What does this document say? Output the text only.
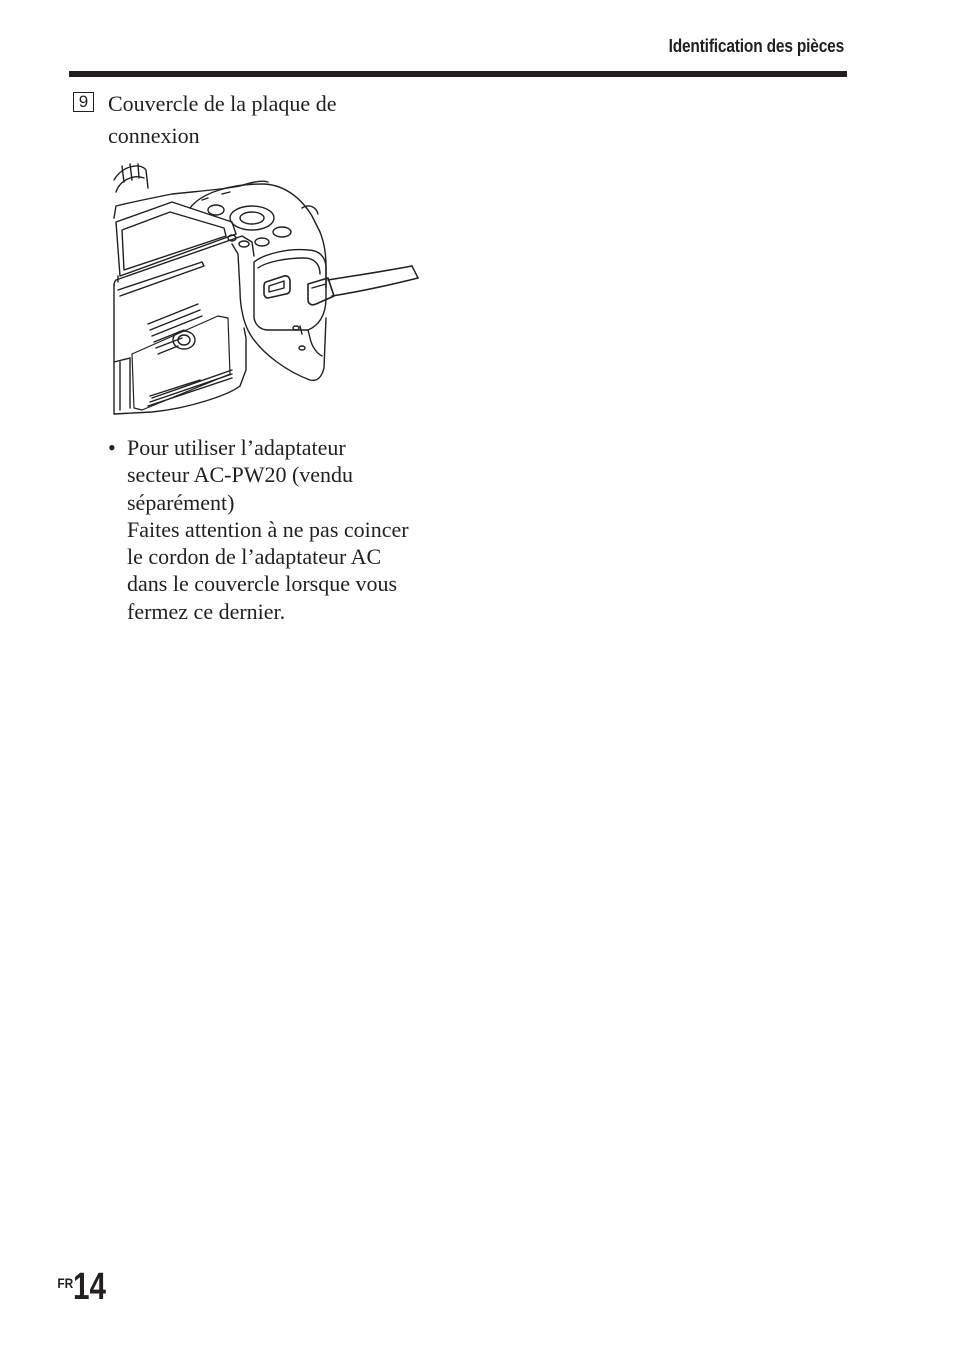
Identification des pièces
9 Couvercle de la plaque de
connexion
• Pour utiliser l’adaptateur
secteur AC-PW20 (vendu
séparément)
Faites attention à ne pas coincer
le cordon de l’adaptateur AC
dans le couvercle lorsque vous
fermez ce dernier.
FR14
